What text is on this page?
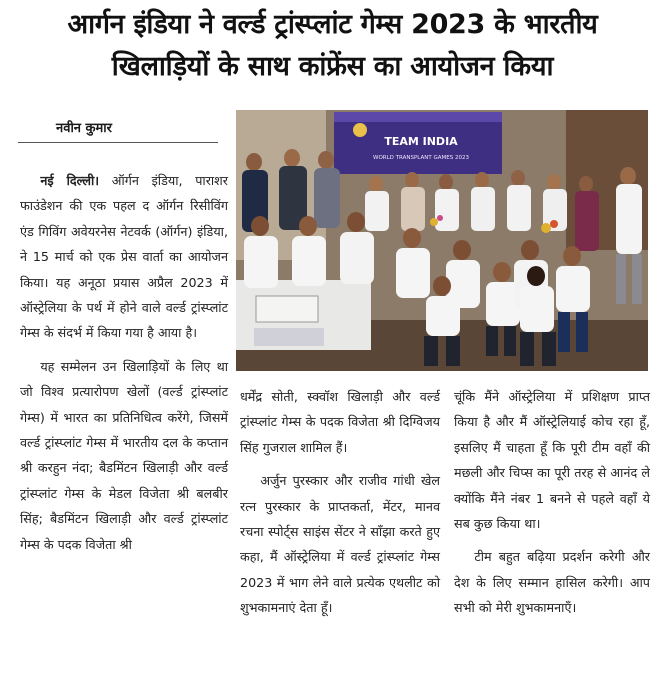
आर्गन इंडिया ने वर्ल्ड ट्रांस्प्लांट गेम्स 2023 के भारतीय
खिलाड़ियों के साथ कांफ्रेंस का आयोजन किया
नवीन कुमार
TEAM INDIA
WORLD TRANSPLANT GAMES 2023

नई दिल्ली। ऑर्गन इंडिया, पाराशर फाउंडेशन की एक पहल द ऑर्गन रिसीविंग एंड गिविंग अवेयरनेस नेटवर्क (ऑर्गन) इंडिया, ने 15 मार्च को एक प्रेस वार्ता का आयोजन किया। यह अनूठा प्रयास अप्रैल 2023 में ऑस्ट्रेलिया के पर्थ में होने वाले वर्ल्ड ट्रांस्प्लांट गेम्स के संदर्भ में किया गया है आया है।

यह सम्मेलन उन खिलाड़ियों के लिए था जो विश्व प्रत्यारोपण खेलों (वर्ल्ड ट्रांस्प्लांट गेम्स) में भारत का प्रतिनिधित्व करेंगे, जिसमें वर्ल्ड ट्रांस्प्लांट गेम्स में भारतीय दल के कप्तान श्री करहुन नंदा; बैडमिंटन खिलाड़ी और वर्ल्ड ट्रांस्प्लांट गेम्स के मेडल विजेता श्री बलबीर सिंह; बैडमिंटन खिलाड़ी और वर्ल्ड ट्रांस्प्लांट गेम्स के पदक विजेता श्री

धर्मेंद्र सोती, स्क्वॉश खिलाड़ी और वर्ल्ड ट्रांस्प्लांट गेम्स के पदक विजेता श्री दिग्विजय सिंह गुजराल शामिल हैं।

अर्जुन पुरस्कार और राजीव गांधी खेल रत्न पुरस्कार के प्राप्तकर्ता, मेंटर, मानव रचना स्पोर्ट्स साइंस सेंटर ने साँझा करते हुए कहा, मैं ऑस्ट्रेलिया में वर्ल्ड ट्रांस्प्लांट गेम्स 2023 में भाग लेने वाले प्रत्येक एथलीट को शुभकामनाएं देता हूँ।

चूंकि मैंने ऑस्ट्रेलिया में प्रशिक्षण प्राप्त किया है और मैं ऑस्ट्रेलियाई कोच रहा हूँ, इसलिए मैं चाहता हूँ कि पूरी टीम वहाँ की मछली और चिप्स का पूरी तरह से आनंद ले क्योंकि मैंने नंबर 1 बनने से पहले वहाँ ये सब कुछ किया था।

टीम बहुत बढ़िया प्रदर्शन करेगी और देश के लिए सम्मान हासिल करेगी। आप सभी को मेरी शुभकामनाएँ।
